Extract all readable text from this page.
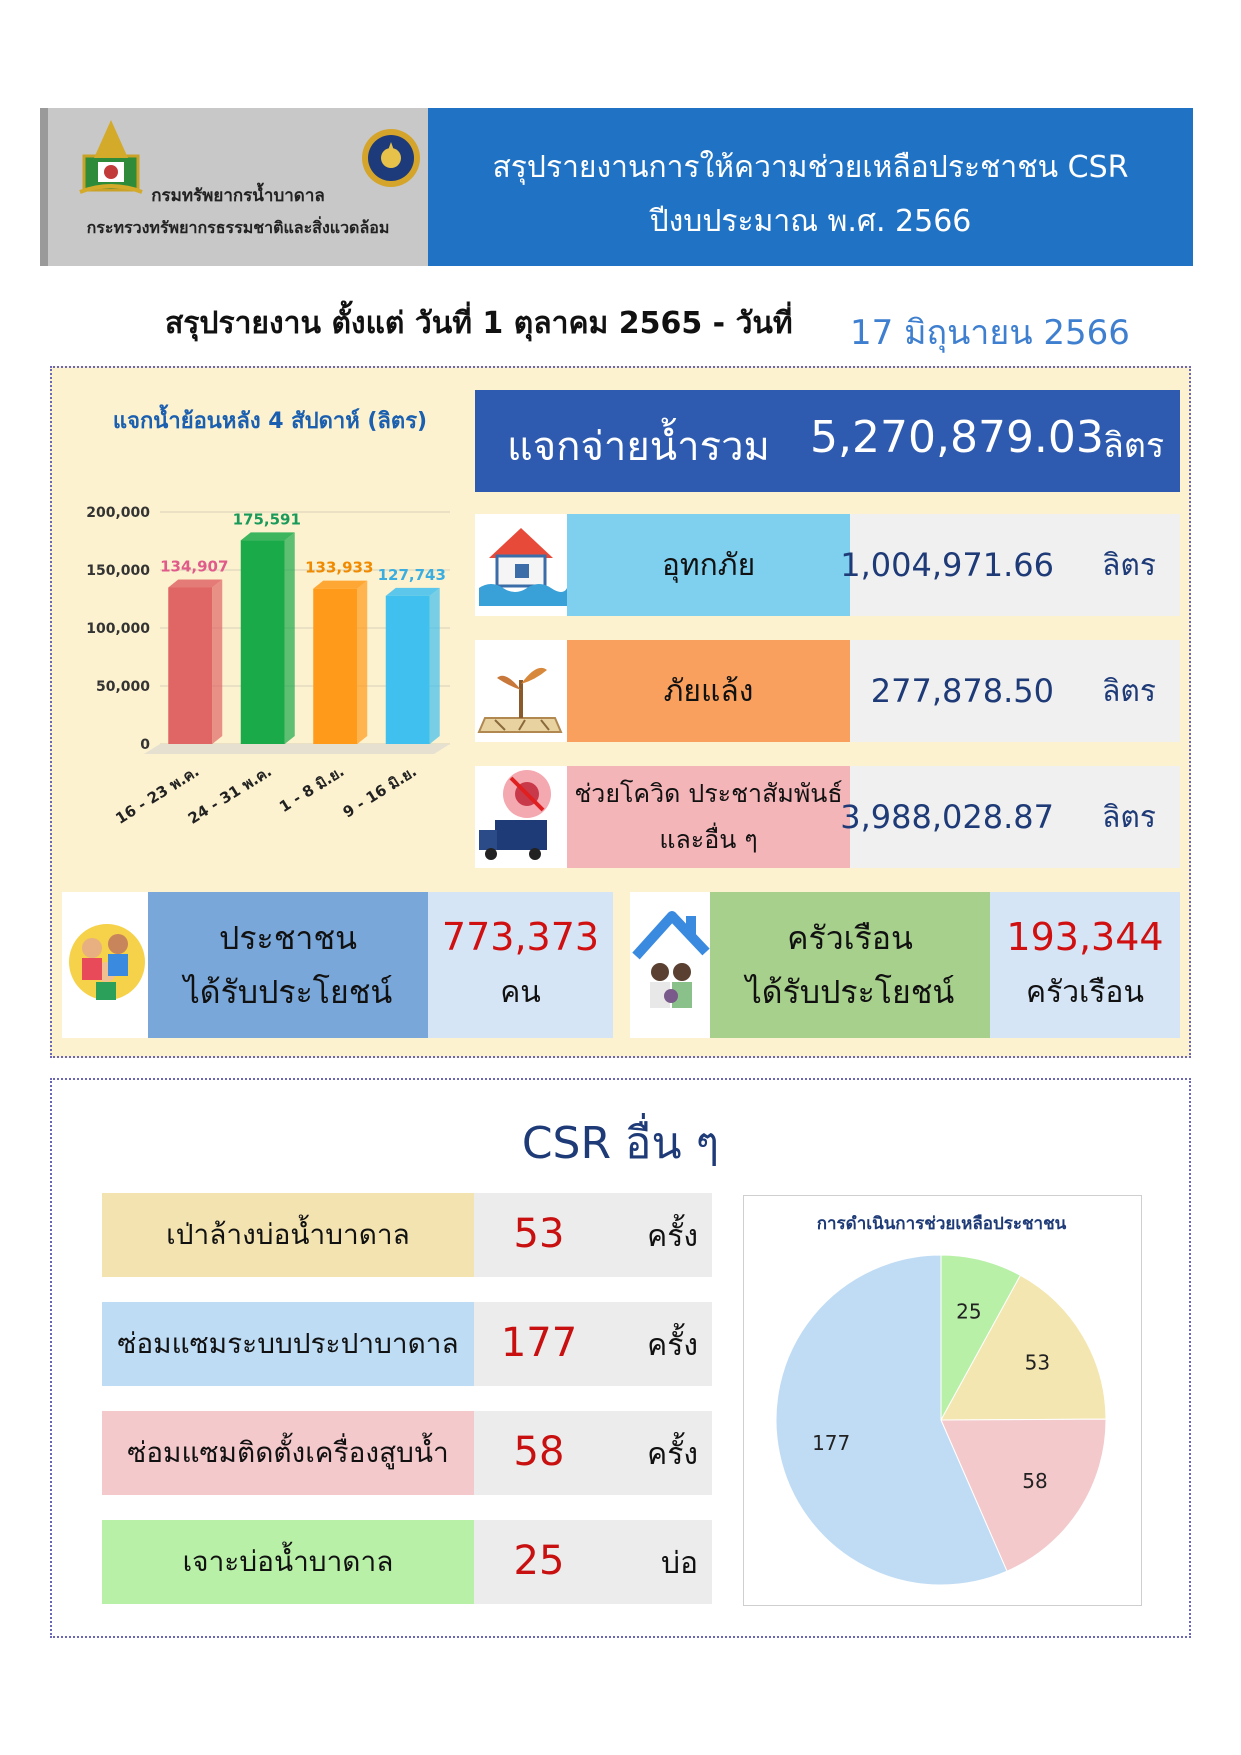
กรมทรัพยากรน้ำบาดาล
กระทรวงทรัพยากรธรรมชาติและสิ่งแวดล้อม
สรุปรายงานการให้ความช่วยเหลือประชาชน CSR
ปีงบประมาณ พ.ศ. 2566
สรุปรายงาน ตั้งแต่ วันที่ 1 ตุลาคม 2565 - วันที่ 17 มิถุนายน 2566
แจกน้ำย้อนหลัง 4 สัปดาห์ (ลิตร)
200,000
150,000
100,000
50,000
0
134,907
16 - 23 พ.ค.
175,591
24 - 31 พ.ค.
133,933
1 - 8 มิ.ย.
127,743
9 - 16 มิ.ย.
แจกจ่ายน้ำรวม 5,270,879.03 ลิตร
อุทกภัย	1,004,971.66 ลิตร
ภัยแล้ง	277,878.50 ลิตร
ช่วยโควิด ประชาสัมพันธ์
และอื่น ๆ
3,988,028.87 ลิตร
ประชาชน
ได้รับประโยชน์
773,373
คน
ครัวเรือน
ได้รับประโยชน์
193,344
ครัวเรือน
CSR อื่น ๆ
เป่าล้างบ่อน้ำบาดาล	53	ครั้ง
ซ่อมแซมระบบประปาบาดาล	177	ครั้ง
ซ่อมแซมติดตั้งเครื่องสูบน้ำ	58	ครั้ง
เจาะบ่อน้ำบาดาล	25	บ่อ
การดำเนินการช่วยเหลือประชาชน
25
53
58
177
